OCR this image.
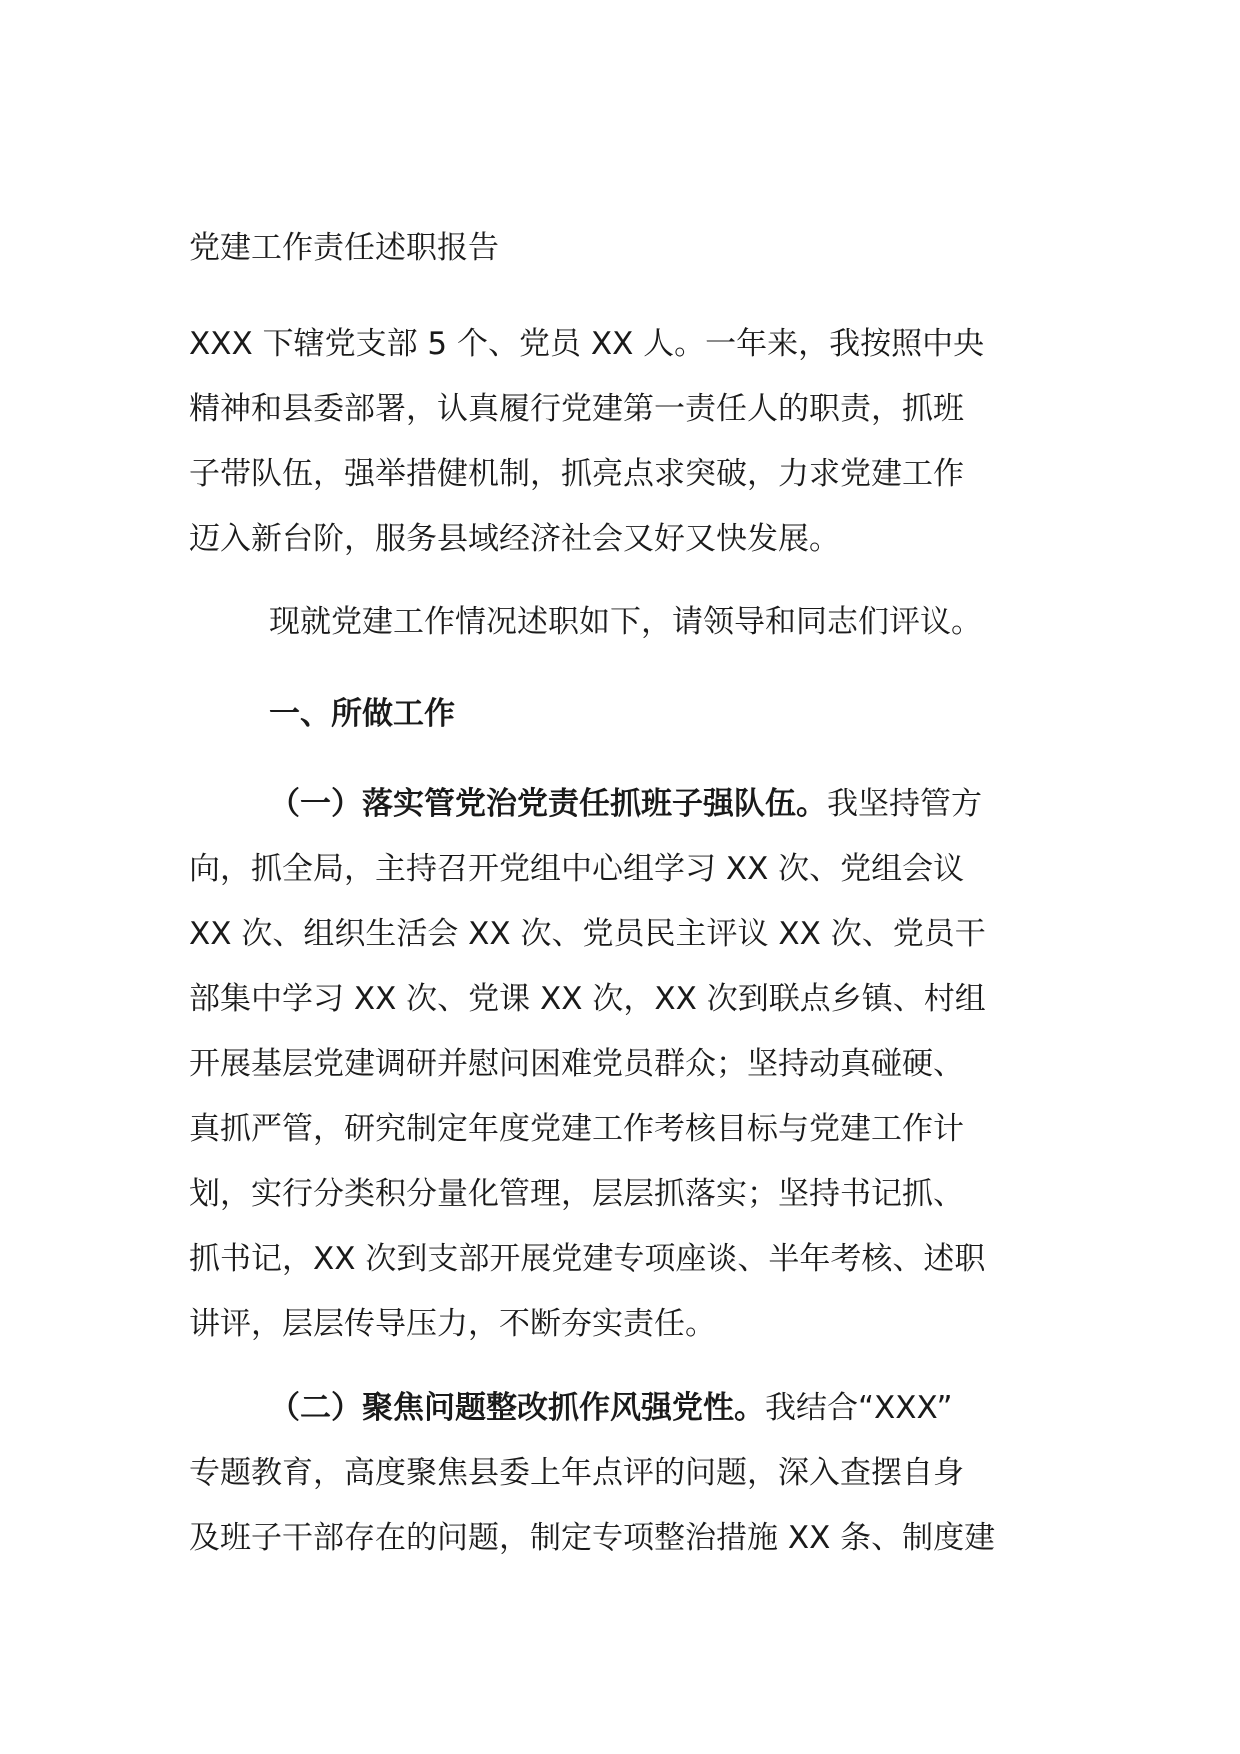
党建工作责任述职报告
XXX 下辖党支部 5 个、党员 XX 人。一年来，我按照中央
精神和县委部署，认真履行党建第一责任人的职责，抓班
子带队伍，强举措健机制，抓亮点求突破，力求党建工作
迈入新台阶，服务县域经济社会又好又快发展。
现就党建工作情况述职如下，请领导和同志们评议。
一、所做工作
（一）落实管党治党责任抓班子强队伍。我坚持管方
向，抓全局，主持召开党组中心组学习 XX 次、党组会议
XX 次、组织生活会 XX 次、党员民主评议 XX 次、党员干
部集中学习 XX 次、党课 XX 次，XX 次到联点乡镇、村组
开展基层党建调研并慰问困难党员群众；坚持动真碰硬、
真抓严管，研究制定年度党建工作考核目标与党建工作计
划，实行分类积分量化管理，层层抓落实；坚持书记抓、
抓书记，XX 次到支部开展党建专项座谈、半年考核、述职
讲评，层层传导压力，不断夯实责任。
（二）聚焦问题整改抓作风强党性。我结合“XXX”
专题教育，高度聚焦县委上年点评的问题，深入查摆自身
及班子干部存在的问题，制定专项整治措施 XX 条、制度建
